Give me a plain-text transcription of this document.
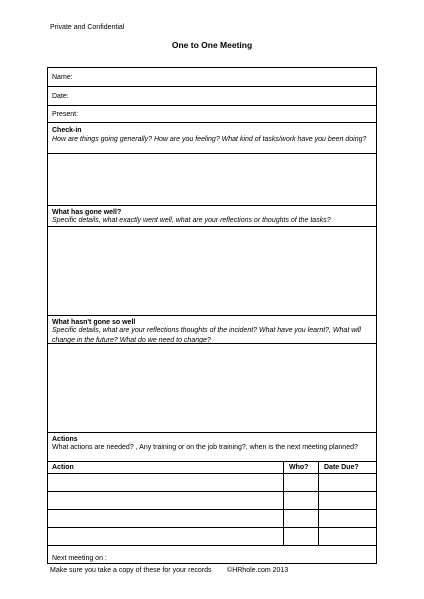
Private and Confidential
One to One Meeting
Name:
Date:
Present:
Check-in
How are things going generally? How are you feeling? What kind of tasks/work have you been doing?
What has gone well?
Specific details, what exactly went well, what are your reflections or thoughts of the tasks?
What hasn't gone so well
Specific details, what are your reflections thoughts of the incident? What have you learnt?, What will change in the future? What do we need to change?
Actions
What actions are needed? , Any training or on the job training?, when is the next meeting planned?
Action	Who? Date Due?
Next meeting on :
Make sure you take a copy of these for your records ©HRhole.com 2013
